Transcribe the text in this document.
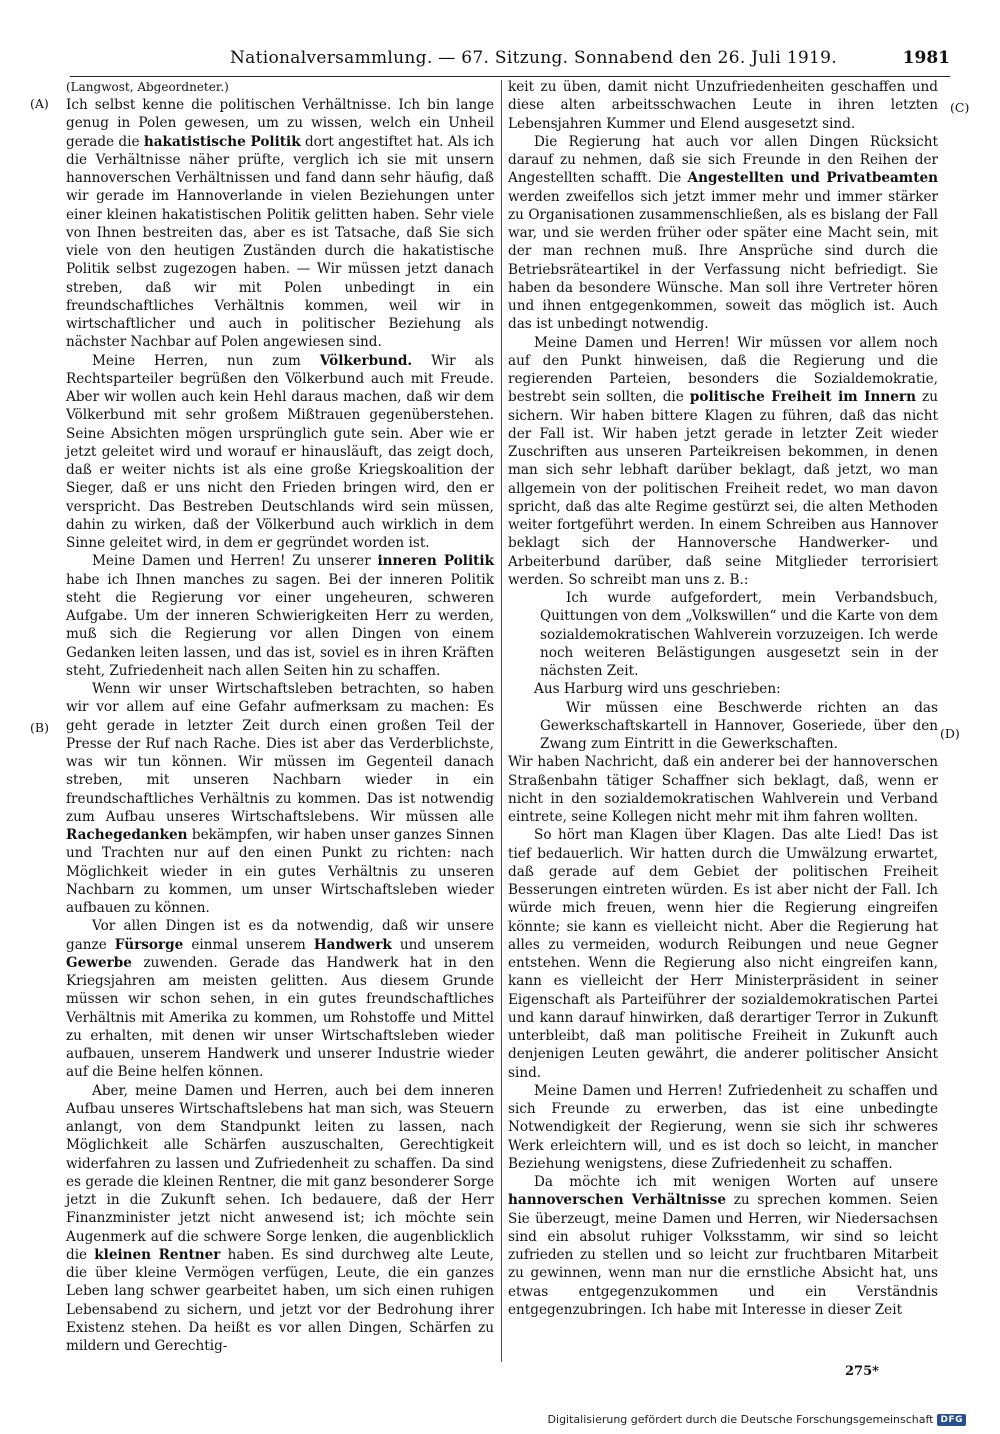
Nationalversammlung. — 67. Sitzung. Sonnabend den 26. Juli 1919.	1981
(A)
(B)
(C)
(D)

(Langwost, Abgeordneter.)

Ich selbst kenne die politischen Verhältnisse. Ich bin lange genug in Polen gewesen, um zu wissen, welch ein Unheil gerade die hakatistische Politik dort angestiftet hat. Als ich die Verhältnisse näher prüfte, verglich ich sie mit unsern hannoverschen Verhältnissen und fand dann sehr häufig, daß wir gerade im Hannoverlande in vielen Beziehungen unter einer kleinen hakatistischen Politik gelitten haben. Sehr viele von Ihnen bestreiten das, aber es ist Tatsache, daß Sie sich viele von den heutigen Zuständen durch die hakatistische Politik selbst zugezogen haben. — Wir müssen jetzt danach streben, daß wir mit Polen unbedingt in ein freundschaftliches Verhältnis kommen, weil wir in wirtschaftlicher und auch in politischer Beziehung als nächster Nachbar auf Polen angewiesen sind.

Meine Herren, nun zum Völkerbund. Wir als Rechtsparteiler begrüßen den Völkerbund auch mit Freude. Aber wir wollen auch kein Hehl daraus machen, daß wir dem Völkerbund mit sehr großem Mißtrauen gegenüberstehen. Seine Absichten mögen ursprünglich gute sein. Aber wie er jetzt geleitet wird und worauf er hinausläuft, das zeigt doch, daß er weiter nichts ist als eine große Kriegskoalition der Sieger, daß er uns nicht den Frieden bringen wird, den er verspricht. Das Bestreben Deutschlands wird sein müssen, dahin zu wirken, daß der Völkerbund auch wirklich in dem Sinne geleitet wird, in dem er gegründet worden ist.

Meine Damen und Herren! Zu unserer inneren Politik habe ich Ihnen manches zu sagen. Bei der inneren Politik steht die Regierung vor einer ungeheuren, schweren Aufgabe. Um der inneren Schwierigkeiten Herr zu werden, muß sich die Regierung vor allen Dingen von einem Gedanken leiten lassen, und das ist, soviel es in ihren Kräften steht, Zufriedenheit nach allen Seiten hin zu schaffen.

Wenn wir unser Wirtschaftsleben betrachten, so haben wir vor allem auf eine Gefahr aufmerksam zu machen: Es geht gerade in letzter Zeit durch einen großen Teil der Presse der Ruf nach Rache. Dies ist aber das Verderblichste, was wir tun können. Wir müssen im Gegenteil danach streben, mit unseren Nachbarn wieder in ein freundschaftliches Verhältnis zu kommen. Das ist notwendig zum Aufbau unseres Wirtschaftslebens. Wir müssen alle Rachegedanken bekämpfen, wir haben unser ganzes Sinnen und Trachten nur auf den einen Punkt zu richten: nach Möglichkeit wieder in ein gutes Verhältnis zu unseren Nachbarn zu kommen, um unser Wirtschaftsleben wieder aufbauen zu können.

Vor allen Dingen ist es da notwendig, daß wir unsere ganze Fürsorge einmal unserem Handwerk und unserem Gewerbe zuwenden. Gerade das Handwerk hat in den Kriegsjahren am meisten gelitten. Aus diesem Grunde müssen wir schon sehen, in ein gutes freundschaftliches Verhältnis mit Amerika zu kommen, um Rohstoffe und Mittel zu erhalten, mit denen wir unser Wirtschaftsleben wieder aufbauen, unserem Handwerk und unserer Industrie wieder auf die Beine helfen können.

Aber, meine Damen und Herren, auch bei dem inneren Aufbau unseres Wirtschaftslebens hat man sich, was Steuern anlangt, von dem Standpunkt leiten zu lassen, nach Möglichkeit alle Schärfen auszuschalten, Gerechtigkeit widerfahren zu lassen und Zufriedenheit zu schaffen. Da sind es gerade die kleinen Rentner, die mit ganz besonderer Sorge jetzt in die Zukunft sehen. Ich bedauere, daß der Herr Finanzminister jetzt nicht anwesend ist; ich möchte sein Augenmerk auf die schwere Sorge lenken, die augenblicklich die kleinen Rentner haben. Es sind durchweg alte Leute, die über kleine Vermögen verfügen, Leute, die ein ganzes Leben lang schwer gearbeitet haben, um sich einen ruhigen Lebensabend zu sichern, und jetzt vor der Bedrohung ihrer Existenz stehen. Da heißt es vor allen Dingen, Schärfen zu mildern und Gerechtig-

keit zu üben, damit nicht Unzufriedenheiten geschaffen und diese alten arbeitsschwachen Leute in ihren letzten Lebensjahren Kummer und Elend ausgesetzt sind.

Die Regierung hat auch vor allen Dingen Rücksicht darauf zu nehmen, daß sie sich Freunde in den Reihen der Angestellten schafft. Die Angestellten und Privatbeamten werden zweifellos sich jetzt immer mehr und immer stärker zu Organisationen zusammenschließen, als es bislang der Fall war, und sie werden früher oder später eine Macht sein, mit der man rechnen muß. Ihre Ansprüche sind durch die Betriebsräteartikel in der Verfassung nicht befriedigt. Sie haben da besondere Wünsche. Man soll ihre Vertreter hören und ihnen entgegenkommen, soweit das möglich ist. Auch das ist unbedingt notwendig.

Meine Damen und Herren! Wir müssen vor allem noch auf den Punkt hinweisen, daß die Regierung und die regierenden Parteien, besonders die Sozialdemokratie, bestrebt sein sollten, die politische Freiheit im Innern zu sichern. Wir haben bittere Klagen zu führen, daß das nicht der Fall ist. Wir haben jetzt gerade in letzter Zeit wieder Zuschriften aus unseren Parteikreisen bekommen, in denen man sich sehr lebhaft darüber beklagt, daß jetzt, wo man allgemein von der politischen Freiheit redet, wo man davon spricht, daß das alte Regime gestürzt sei, die alten Methoden weiter fortgeführt werden. In einem Schreiben aus Hannover beklagt sich der Hannoversche Handwerker- und Arbeiterbund darüber, daß seine Mitglieder terrorisiert werden. So schreibt man uns z. B.:

Ich wurde aufgefordert, mein Verbandsbuch, Quittungen von dem „Volkswillen“ und die Karte von dem sozialdemokratischen Wahlverein vorzuzeigen. Ich werde noch weiteren Belästigungen ausgesetzt sein in der nächsten Zeit.

Aus Harburg wird uns geschrieben:

Wir müssen eine Beschwerde richten an das Gewerkschaftskartell in Hannover, Goseriede, über den Zwang zum Eintritt in die Gewerkschaften.

Wir haben Nachricht, daß ein anderer bei der hannoverschen Straßenbahn tätiger Schaffner sich beklagt, daß, wenn er nicht in den sozialdemokratischen Wahlverein und Verband eintrete, seine Kollegen nicht mehr mit ihm fahren wollten.

So hört man Klagen über Klagen. Das alte Lied! Das ist tief bedauerlich. Wir hatten durch die Umwälzung erwartet, daß gerade auf dem Gebiet der politischen Freiheit Besserungen eintreten würden. Es ist aber nicht der Fall. Ich würde mich freuen, wenn hier die Regierung eingreifen könnte; sie kann es vielleicht nicht. Aber die Regierung hat alles zu vermeiden, wodurch Reibungen und neue Gegner entstehen. Wenn die Regierung also nicht eingreifen kann, kann es vielleicht der Herr Ministerpräsident in seiner Eigenschaft als Parteiführer der sozialdemokratischen Partei und kann darauf hinwirken, daß derartiger Terror in Zukunft unterbleibt, daß man politische Freiheit in Zukunft auch denjenigen Leuten gewährt, die anderer politischer Ansicht sind.

Meine Damen und Herren! Zufriedenheit zu schaffen und sich Freunde zu erwerben, das ist eine unbedingte Notwendigkeit der Regierung, wenn sie sich ihr schweres Werk erleichtern will, und es ist doch so leicht, in mancher Beziehung wenigstens, diese Zufriedenheit zu schaffen.

Da möchte ich mit wenigen Worten auf unsere hannoverschen Verhältnisse zu sprechen kommen. Seien Sie überzeugt, meine Damen und Herren, wir Niedersachsen sind ein absolut ruhiger Volksstamm, wir sind so leicht zufrieden zu stellen und so leicht zur fruchtbaren Mitarbeit zu gewinnen, wenn man nur die ernstliche Absicht hat, uns etwas entgegenzukommen und ein Verständnis entgegenzubringen. Ich habe mit Interesse in dieser Zeit

275*
Digitalisierung gefördert durch die Deutsche Forschungsgemeinschaft DFG
